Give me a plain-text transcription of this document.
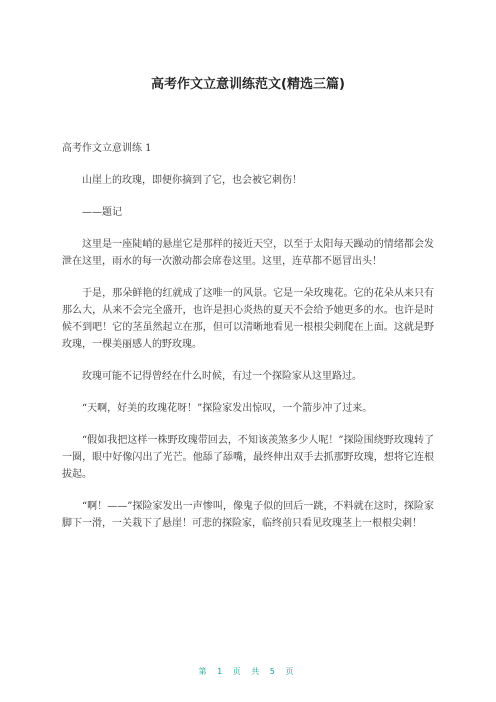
高考作文立意训练范文(精选三篇)

高考作文立意训练 1

山崖上的玫瑰，即便你摘到了它，也会被它刺伤！

——题记

这里是一座陡峭的悬崖它是那样的接近天空，以至于太阳每天躁动的情绪都会发泄在这里，雨水的每一次激动都会席卷这里。这里，连草都不愿冒出头！

于是，那朵鲜艳的红就成了这唯一的风景。它是一朵玫瑰花。它的花朵从来只有那么大，从来不会完全盛开，也许是担心炎热的夏天不会给予她更多的水。也许是时候不到吧！它的茎虽然起立在那，但可以清晰地看见一根根尖刺爬在上面。这就是野玫瑰，一棵美丽感人的野玫瑰。

玫瑰可能不记得曾经在什么时候，有过一个探险家从这里路过。

“天啊，好美的玫瑰花呀！”探险家发出惊叹，一个箭步冲了过来。

“假如我把这样一株野玫瑰带回去，不知该羡煞多少人呢！”探险围绕野玫瑰转了一圈，眼中好像闪出了光芒。他舔了舔嘴，最终伸出双手去抓那野玫瑰，想将它连根拔起。

“啊！——”探险家发出一声惨叫，像鬼子似的回后一跳，不料就在这时，探险家脚下一滑，一关栽下了悬崖！可悲的探险家，临终前只看见玫瑰茎上一根根尖刺！

第 1 页 共 5 页
